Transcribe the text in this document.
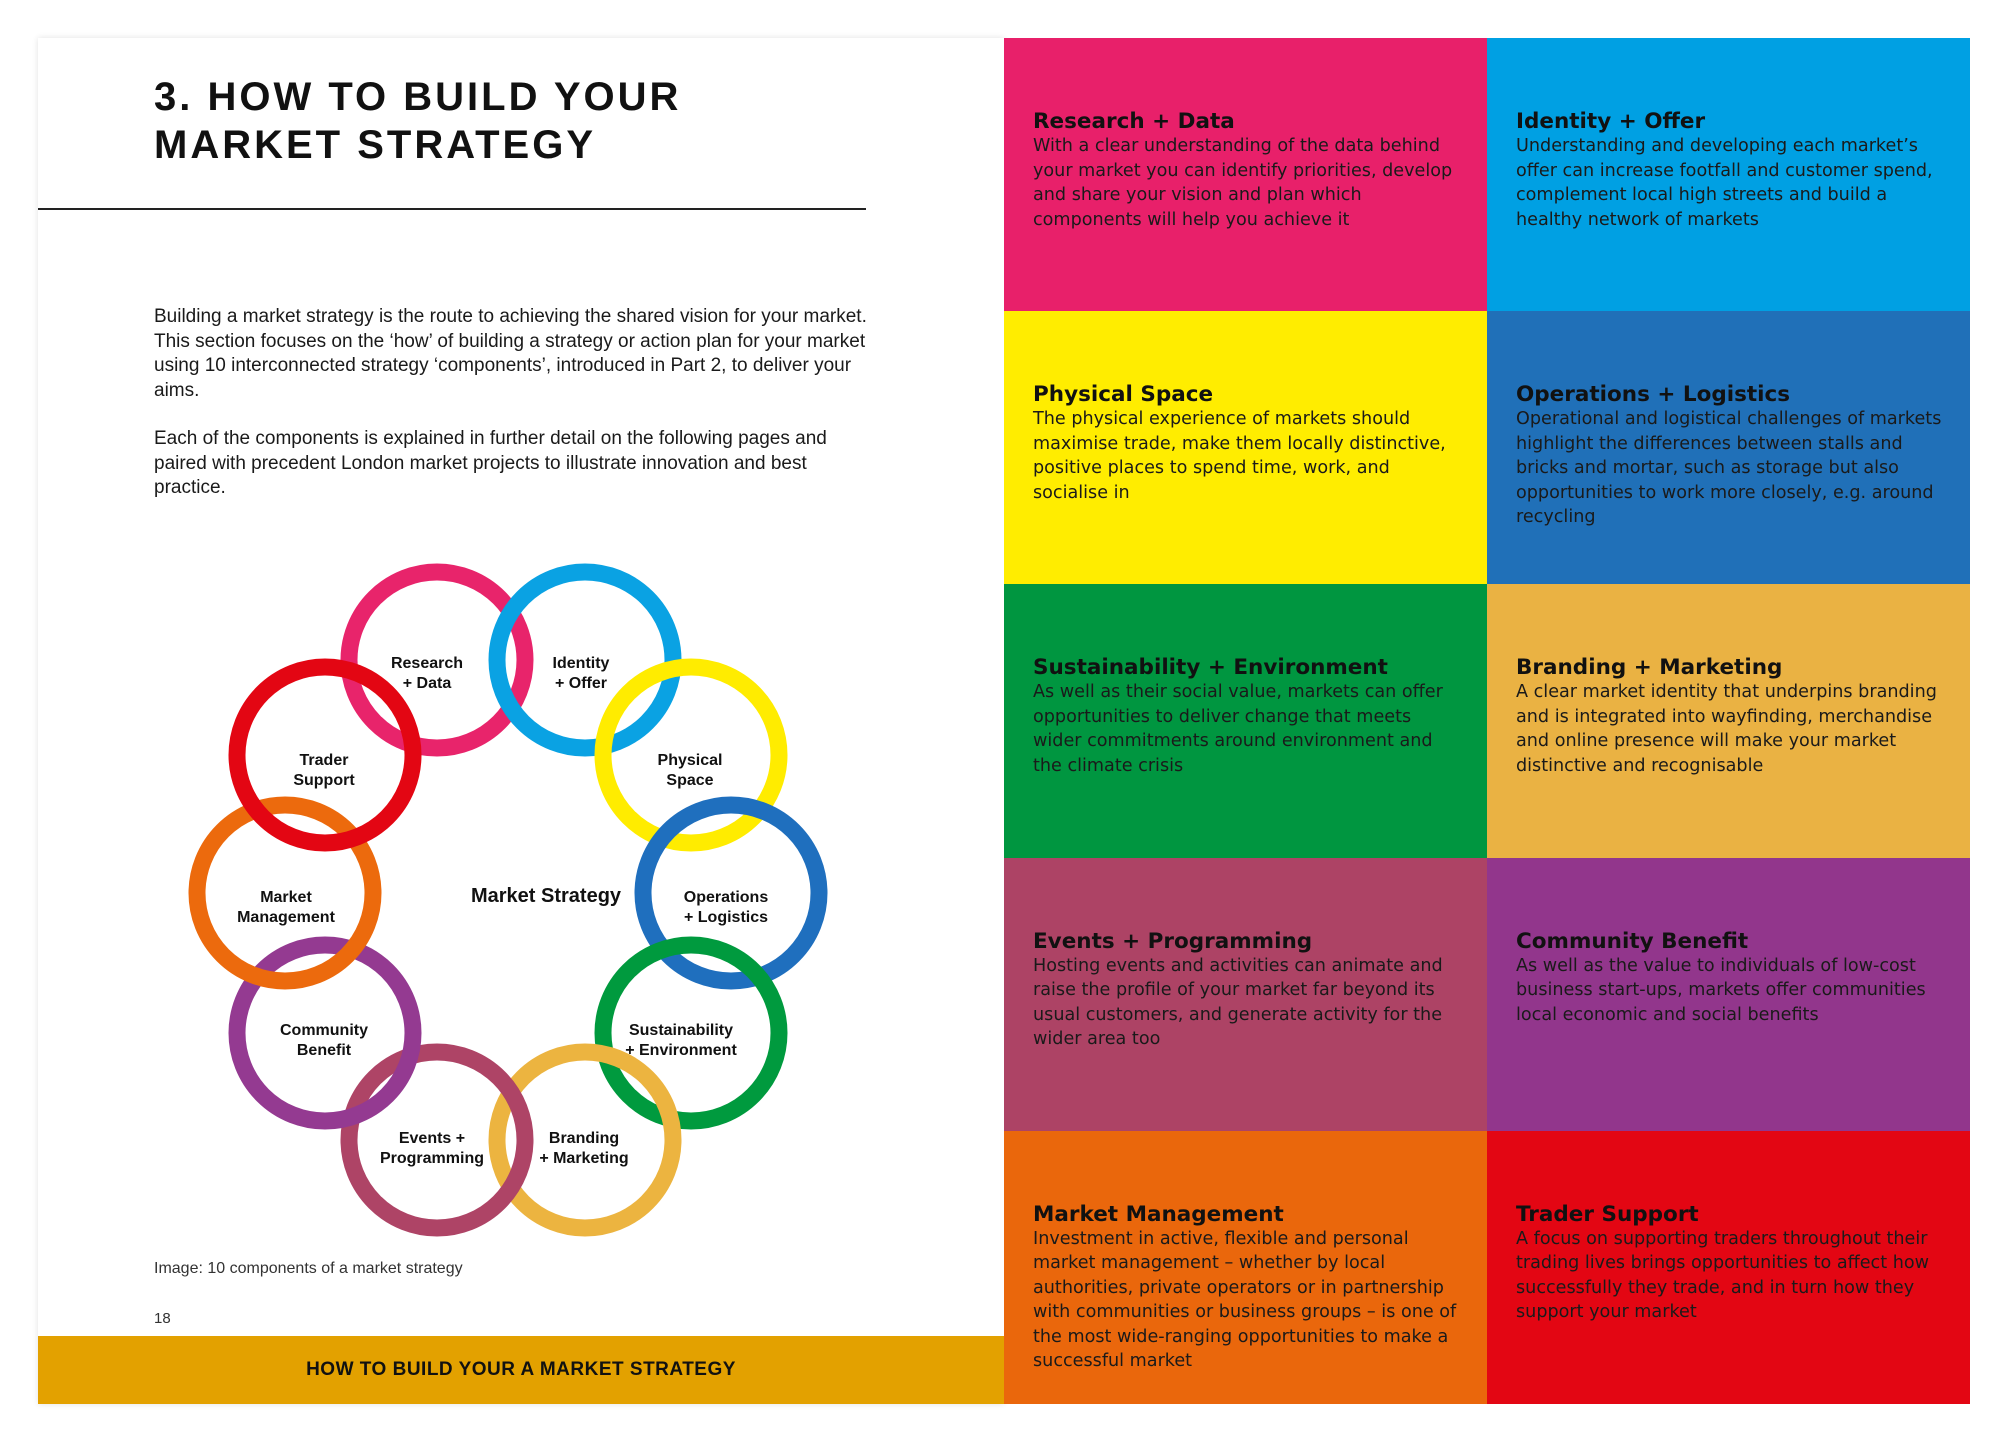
3. HOW TO BUILD YOUR
MARKET STRATEGY

Building a market strategy is the route to achieving the shared vision for your market. This section focuses on the ‘how’ of building a strategy or action plan for your market using 10 interconnected strategy ‘components’, introduced in Part 2, to deliver your aims.

Each of the components is explained in further detail on the following pages and paired with precedent London market projects to illustrate innovation and best practice.

Research + Data
Identity + Offer
Physical Space
Operations + Logistics
Sustainability + Environment
Branding + Marketing
Events + Programming
Community Benefit
Market Management
Trader Support
Market Strategy
Image: 10 components of a market strategy
18
HOW TO BUILD YOUR A MARKET STRATEGY
Research + Data

With a clear understanding of the data behind your market you can identify priorities, develop and share your vision and plan which components will help you achieve it

Identity + Offer

Understanding and developing each market’s offer can increase footfall and customer spend, complement local high streets and build a healthy network of markets

Physical Space

The physical experience of markets should maximise trade, make them locally distinctive, positive places to spend time, work, and socialise in

Operations + Logistics

Operational and logistical challenges of markets highlight the differences between stalls and bricks and mortar, such as storage but also opportunities to work more closely, e.g. around recycling

Sustainability + Environment

As well as their social value, markets can offer opportunities to deliver change that meets wider commitments around environment and the climate crisis

Branding + Marketing

A clear market identity that underpins branding and is integrated into wayfinding, merchandise and online presence will make your market distinctive and recognisable

Events + Programming

Hosting events and activities can animate and raise the profile of your market far beyond its usual customers, and generate activity for the wider area too

Community Benefit

As well as the value to individuals of low-cost business start-ups, markets offer communities local economic and social benefits

Market Management

Investment in active, flexible and personal market management – whether by local authorities, private operators or in partnership with communities or business groups – is one of the most wide-ranging opportunities to make a successful market

Trader Support

A focus on supporting traders throughout their trading lives brings opportunities to affect how successfully they trade, and in turn how they support your market
